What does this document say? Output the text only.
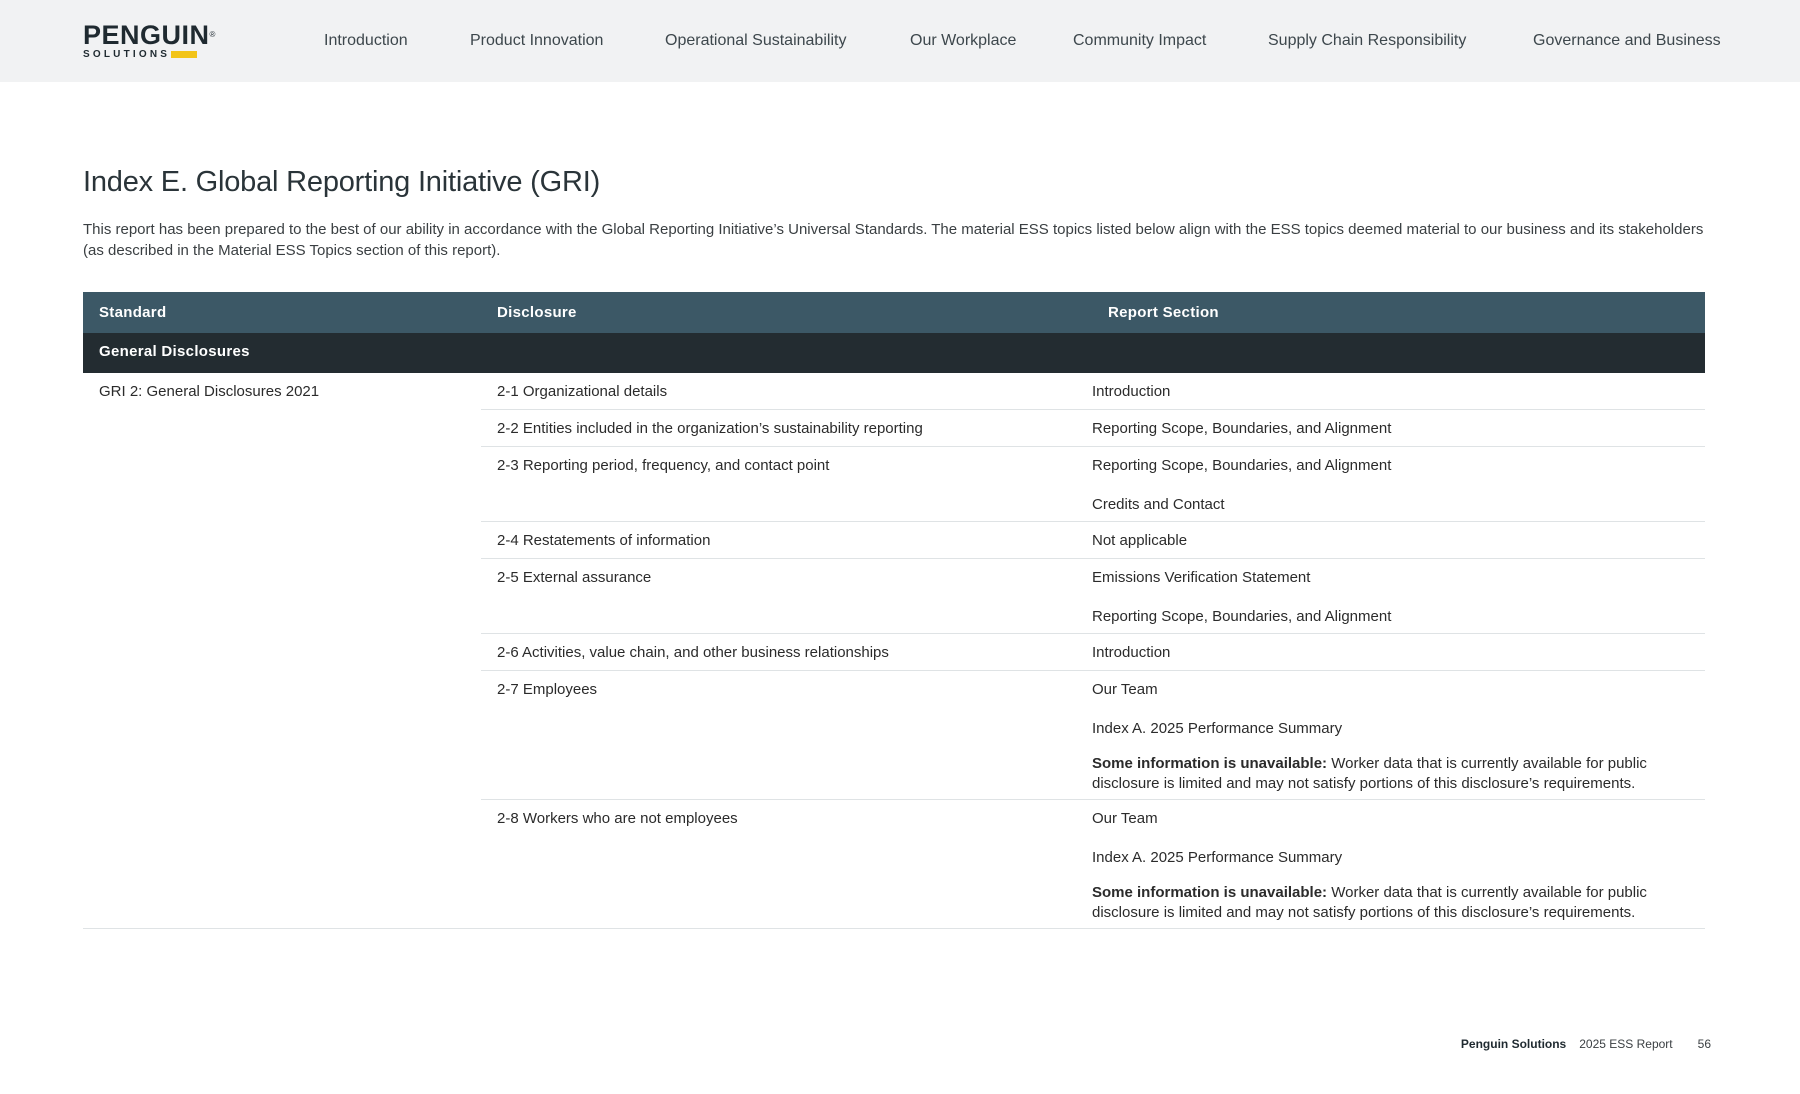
PENGUIN®
SOLUTIONS
Introduction	Product Innovation	Operational Sustainability	Our Workplace	Community Impact	Supply Chain Responsibility	Governance and Business
Index E. Global Reporting Initiative (GRI)

This report has been prepared to the best of our ability in accordance with the Global Reporting Initiative’s Universal Standards. The material ESS topics listed below align with the ESS topics deemed material to our business and its stakeholders (as described in the Material ESS Topics section of this report).

Standard	Disclosure	Report Section
General Disclosures
GRI 2: General Disclosures 2021	2-1 Organizational details	Introduction
2-2 Entities included in the organization’s sustainability reporting	Reporting Scope, Boundaries, and Alignment
2-3 Reporting period, frequency, and contact point	Reporting Scope, Boundaries, and Alignment
Credits and Contact
2-4 Restatements of information	Not applicable
2-5 External assurance	Emissions Verification Statement
Reporting Scope, Boundaries, and Alignment
2-6 Activities, value chain, and other business relationships	Introduction
2-7 Employees	Our Team
Index A. 2025 Performance Summary
Some information is unavailable: Worker data that is currently available for public disclosure is limited and may not satisfy portions of this disclosure’s requirements.
2-8 Workers who are not employees	Our Team
Index A. 2025 Performance Summary
Some information is unavailable: Worker data that is currently available for public disclosure is limited and may not satisfy portions of this disclosure’s requirements.
Penguin Solutions 2025 ESS Report 56
